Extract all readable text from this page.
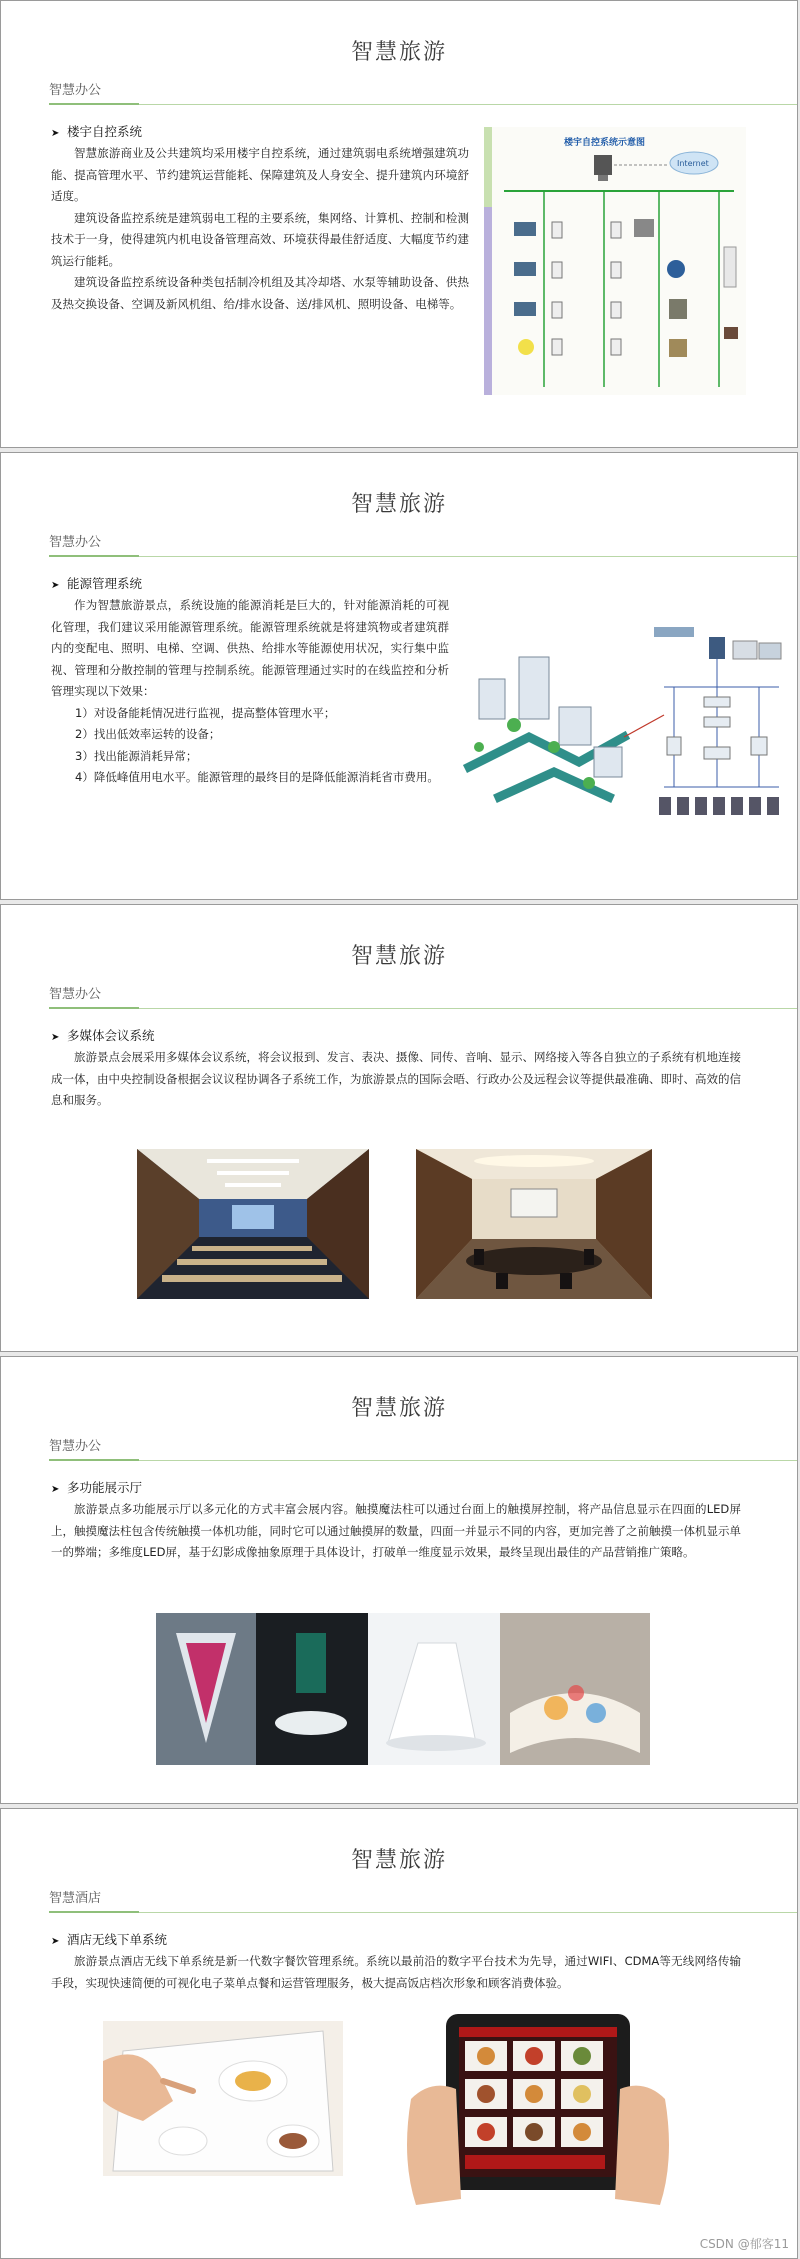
智慧旅游
智慧办公
➤ 楼宇自控系统

智慧旅游商业及公共建筑均采用楼宇自控系统，通过建筑弱电系统增强建筑功能、提高管理水平、节约建筑运营能耗、保障建筑及人身安全、提升建筑内环境舒适度。

建筑设备监控系统是建筑弱电工程的主要系统，集网络、计算机、控制和检测技术于一身，使得建筑内机电设备管理高效、环境获得最佳舒适度、大幅度节约建筑运行能耗。

建筑设备监控系统设备种类包括制冷机组及其冷却塔、水泵等辅助设备、供热及热交换设备、空调及新风机组、给/排水设备、送/排风机、照明设备、电梯等。

楼宇自控系统示意图
Internet
智慧旅游
智慧办公
➤ 能源管理系统

作为智慧旅游景点，系统设施的能源消耗是巨大的，针对能源消耗的可视化管理，我们建议采用能源管理系统。能源管理系统就是将建筑物或者建筑群内的变配电、照明、电梯、空调、供热、给排水等能源使用状况，实行集中监视、管理和分散控制的管理与控制系统。能源管理通过实时的在线监控和分析管理实现以下效果：

1）对设备能耗情况进行监视，提高整体管理水平；
2）找出低效率运转的设备；
3）找出能源消耗异常；
4）降低峰值用电水平。能源管理的最终目的是降低能源消耗省市费用。
智慧旅游
智慧办公
➤ 多媒体会议系统

旅游景点会展采用多媒体会议系统，将会议报到、发言、表决、摄像、同传、音响、显示、网络接入等各自独立的子系统有机地连接成一体，由中央控制设备根据会议议程协调各子系统工作，为旅游景点的国际会晤、行政办公及远程会议等提供最准确、即时、高效的信息和服务。

智慧旅游
智慧办公
➤ 多功能展示厅

旅游景点多功能展示厅以多元化的方式丰富会展内容。触摸魔法柱可以通过台面上的触摸屏控制，将产品信息显示在四面的LED屏上，触摸魔法柱包含传统触摸一体机功能，同时它可以通过触摸屏的数量，四面一并显示不同的内容，更加完善了之前触摸一体机显示单一的弊端；多维度LED屏，基于幻影成像抽象原理于具体设计，打破单一维度显示效果，最终呈现出最佳的产品营销推广策略。

智慧旅游
智慧酒店
➤ 酒店无线下单系统

旅游景点酒店无线下单系统是新一代数字餐饮管理系统。系统以最前沿的数字平台技术为先导，通过WIFI、CDMA等无线网络传输手段，实现快速简便的可视化电子菜单点餐和运营管理服务，极大提高饭店档次形象和顾客消费体验。

CSDN @郁客11
